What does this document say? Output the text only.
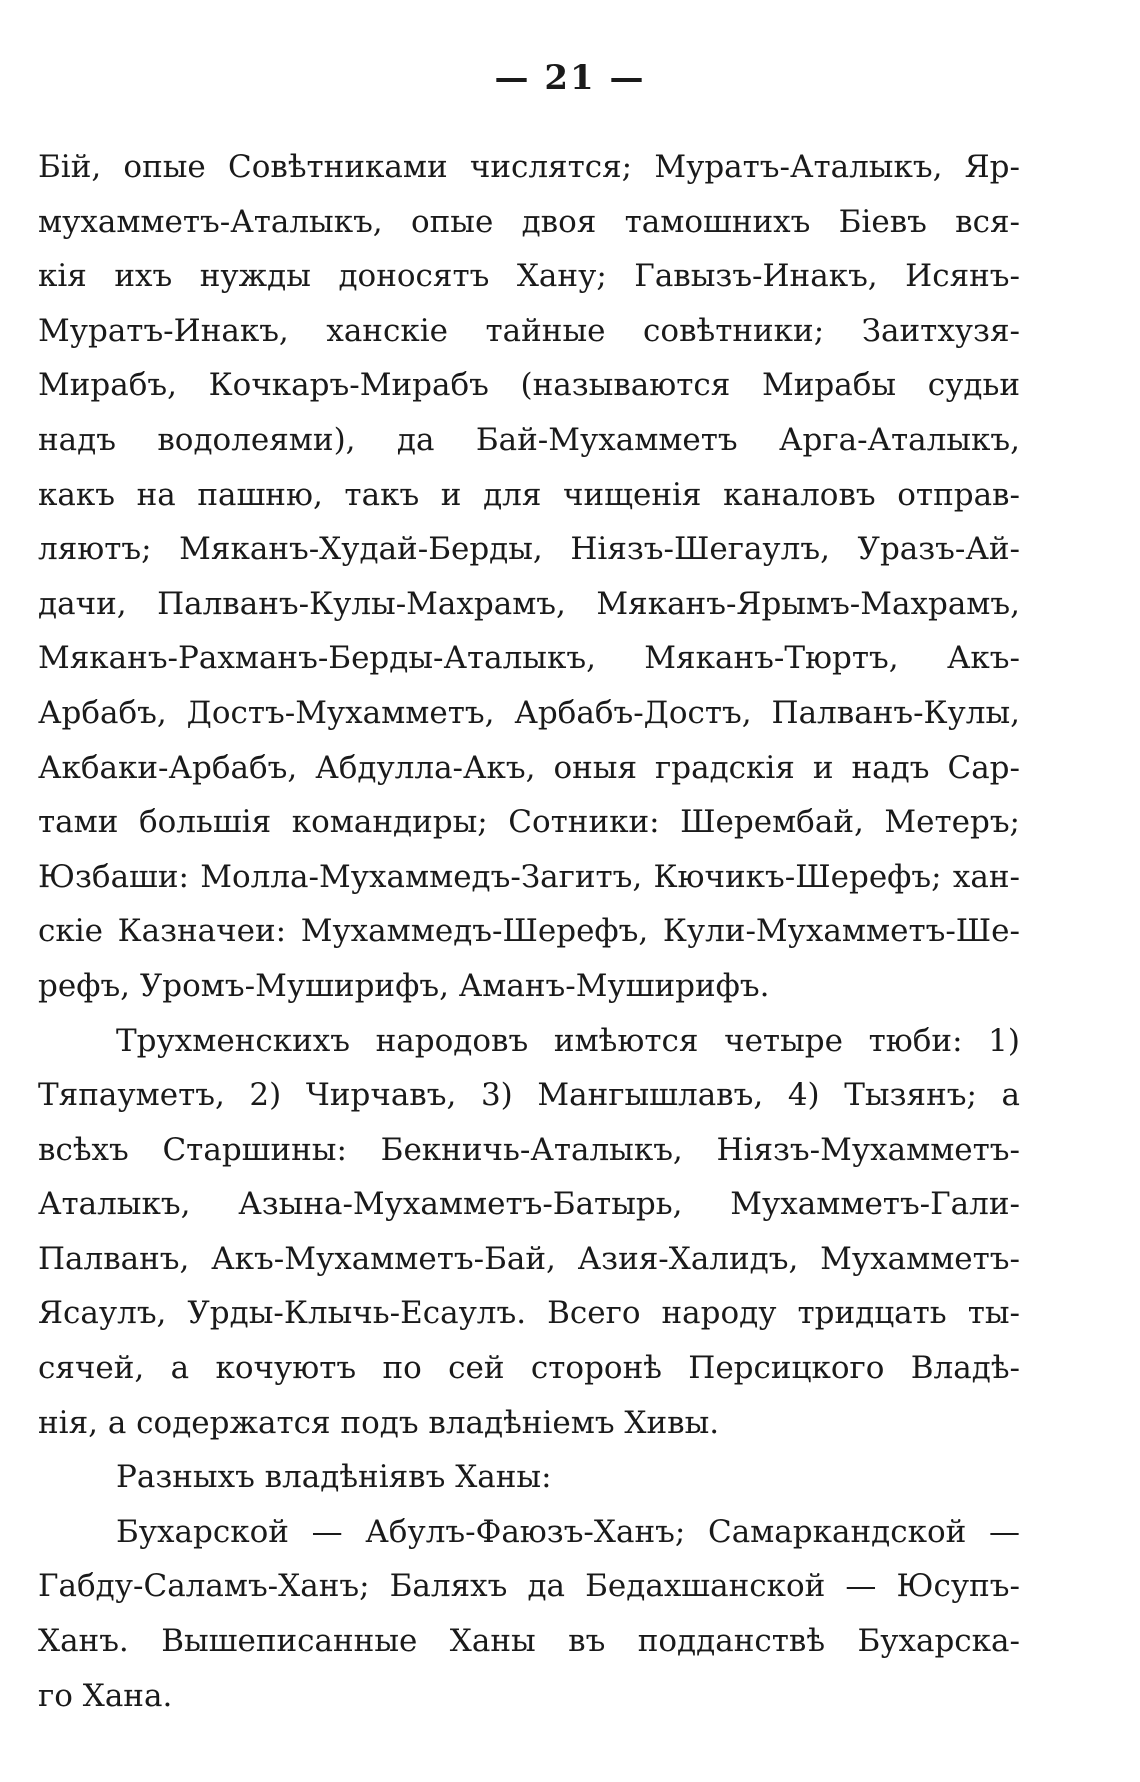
— 21 —
Бій, опые Совѣтниками числятся; Муратъ-Аталыкъ, Яр-
мухамметъ-Аталыкъ, опые двоя тамошнихъ Біевъ вся-
кія ихъ нужды доносятъ Хану; Гавызъ-Инакъ, Исянъ-
Муратъ-Инакъ, ханскіе тайные совѣтники; Заитхузя-
Мирабъ, Кочкаръ-Мирабъ (называются Мирабы судьи
надъ водолеями), да Бай-Мухамметъ Арга-Аталыкъ,
какъ на пашню, такъ и для чищенія каналовъ отправ-
ляютъ; Мяканъ-Худай-Берды, Ніязъ-Шегаулъ, Уразъ-Ай-
дачи, Палванъ-Кулы-Махрамъ, Мяканъ-Ярымъ-Махрамъ,
Мяканъ-Рахманъ-Берды-Аталыкъ, Мяканъ-Тюртъ, Акъ-
Арбабъ, Достъ-Мухамметъ, Арбабъ-Достъ, Палванъ-Кулы,
Акбаки-Арбабъ, Абдулла-Акъ, оныя градскія и надъ Сар-
тами большія командиры; Сотники: Шерембай, Метеръ;
Юзбаши: Молла-Мухаммедъ-Загитъ, Кючикъ-Шерефъ; хан-
скіе Казначеи: Мухаммедъ-Шерефъ, Кули-Мухамметъ-Ше-
рефъ, Уромъ-Муширифъ, Аманъ-Муширифъ.
Трухменскихъ народовъ имѣются четыре тюби: 1)
Тяпауметъ, 2) Чирчавъ, 3) Мангышлавъ, 4) Тызянъ; а
всѣхъ Старшины: Бекничь-Аталыкъ, Ніязъ-Мухамметъ-
Аталыкъ, Азына-Мухамметъ-Батырь, Мухамметъ-Гали-
Палванъ, Акъ-Мухамметъ-Бай, Азия-Халидъ, Мухамметъ-
Ясаулъ, Урды-Клычь-Есаулъ. Всего народу тридцать ты-
сячей, а кочуютъ по сей сторонѣ Персицкого Владѣ-
нія, а содержатся подъ владѣніемъ Хивы.
Разныхъ владѣніявъ Ханы:
Бухарской — Абулъ-Фаюзъ-Ханъ; Самаркандской —
Габду-Саламъ-Ханъ; Баляхъ да Бедахшанской — Юсупъ-
Ханъ. Вышеписанные Ханы въ подданствѣ Бухарска-
го Хана.
